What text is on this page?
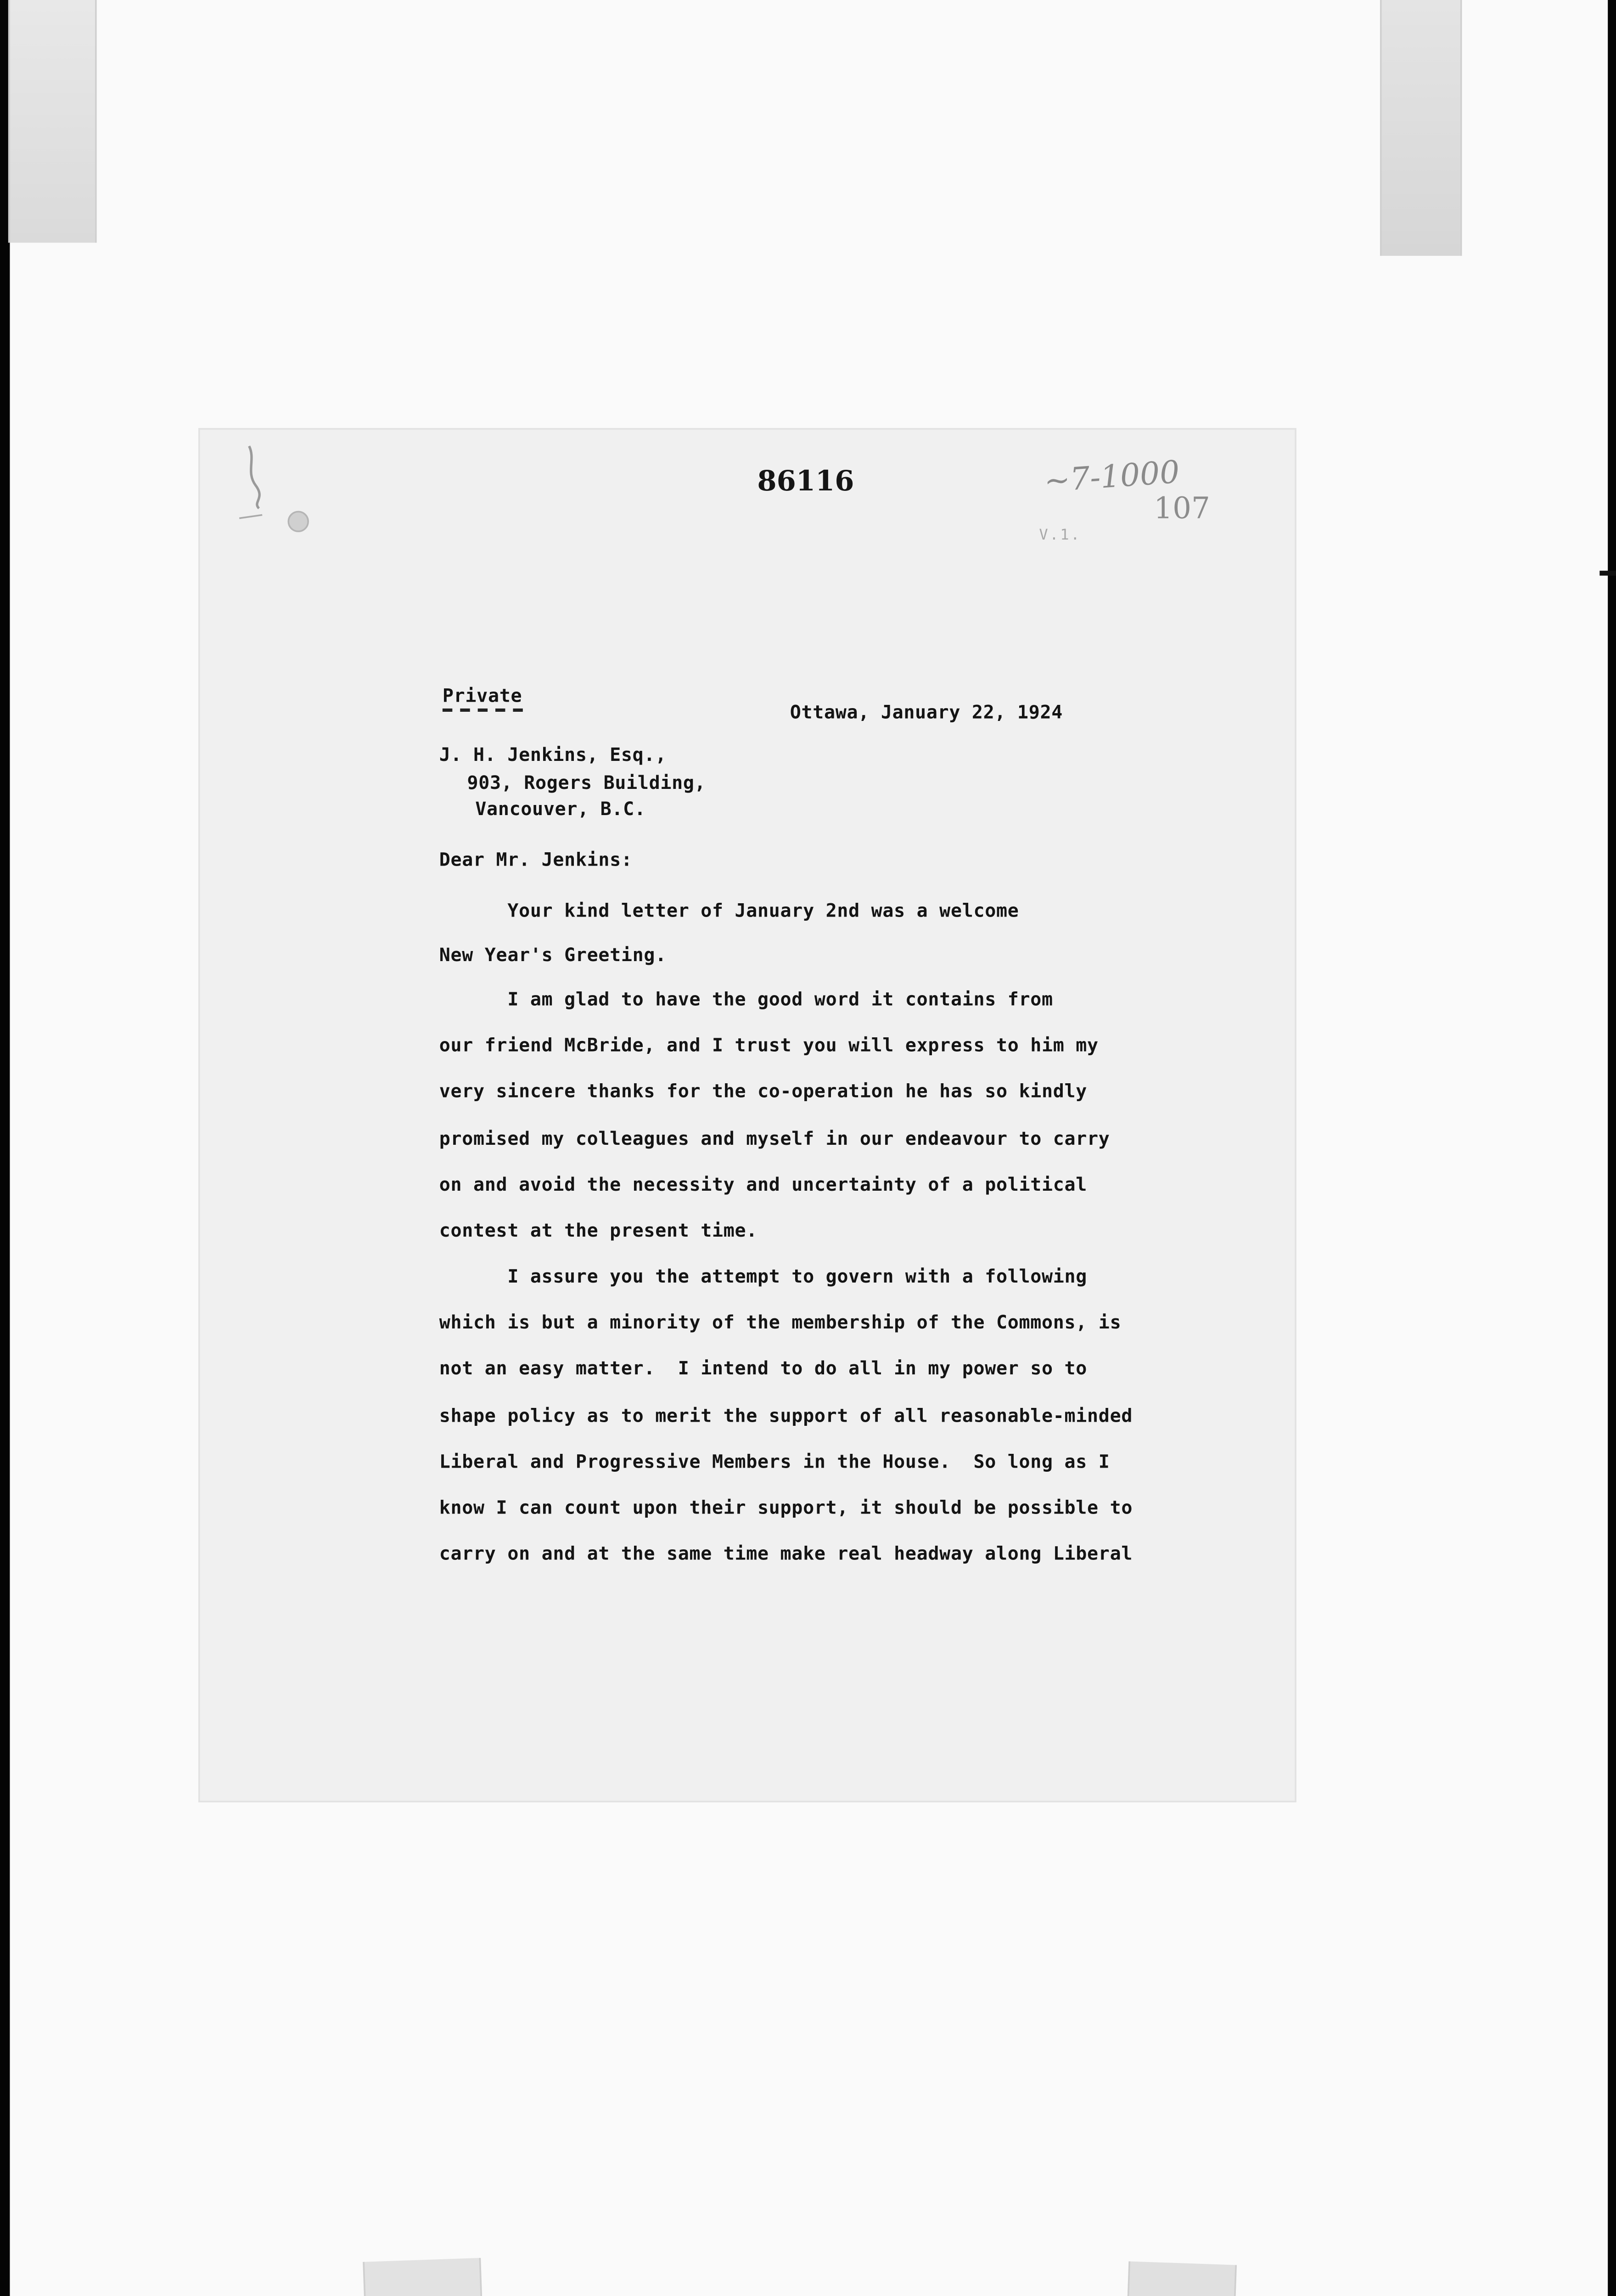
86116	~7-1000
107
V.1.
Private
Ottawa, January 22, 1924
J. H. Jenkins, Esq.,
903, Rogers Building,
Vancouver, B.C.
Dear Mr. Jenkins:
Your kind letter of January 2nd was a welcome
New Year's Greeting.
I am glad to have the good word it contains from
our friend McBride, and I trust you will express to him my
very sincere thanks for the co-operation he has so kindly
promised my colleagues and myself in our endeavour to carry
on and avoid the necessity and uncertainty of a political
contest at the present time.
I assure you the attempt to govern with a following
which is but a minority of the membership of the Commons, is
not an easy matter.  I intend to do all in my power so to
shape policy as to merit the support of all reasonable-minded
Liberal and Progressive Members in the House.  So long as I
know I can count upon their support, it should be possible to
carry on and at the same time make real headway along Liberal
